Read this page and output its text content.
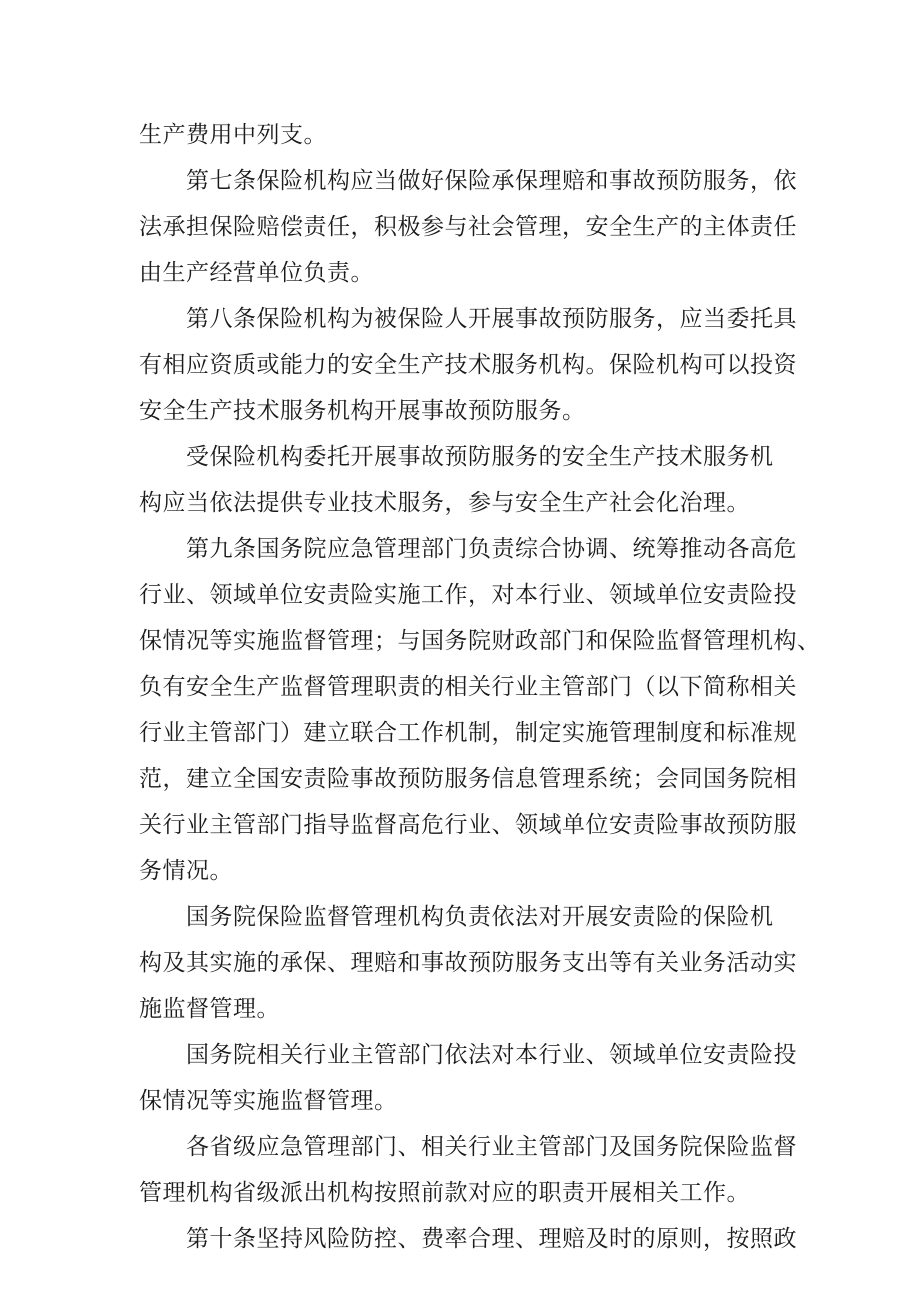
生产费用中列支。
第七条保险机构应当做好保险承保理赔和事故预防服务，依
法承担保险赔偿责任，积极参与社会管理，安全生产的主体责任
由生产经营单位负责。
第八条保险机构为被保险人开展事故预防服务，应当委托具
有相应资质或能力的安全生产技术服务机构。保险机构可以投资
安全生产技术服务机构开展事故预防服务。
受保险机构委托开展事故预防服务的安全生产技术服务机
构应当依法提供专业技术服务，参与安全生产社会化治理。
第九条国务院应急管理部门负责综合协调、统筹推动各高危
行业、领域单位安责险实施工作，对本行业、领域单位安责险投
保情况等实施监督管理；与国务院财政部门和保险监督管理机构、
负有安全生产监督管理职责的相关行业主管部门（以下简称相关
行业主管部门）建立联合工作机制，制定实施管理制度和标准规
范，建立全国安责险事故预防服务信息管理系统；会同国务院相
关行业主管部门指导监督高危行业、领域单位安责险事故预防服
务情况。
国务院保险监督管理机构负责依法对开展安责险的保险机
构及其实施的承保、理赔和事故预防服务支出等有关业务活动实
施监督管理。
国务院相关行业主管部门依法对本行业、领域单位安责险投
保情况等实施监督管理。
各省级应急管理部门、相关行业主管部门及国务院保险监督
管理机构省级派出机构按照前款对应的职责开展相关工作。
第十条坚持风险防控、费率合理、理赔及时的原则，按照政
